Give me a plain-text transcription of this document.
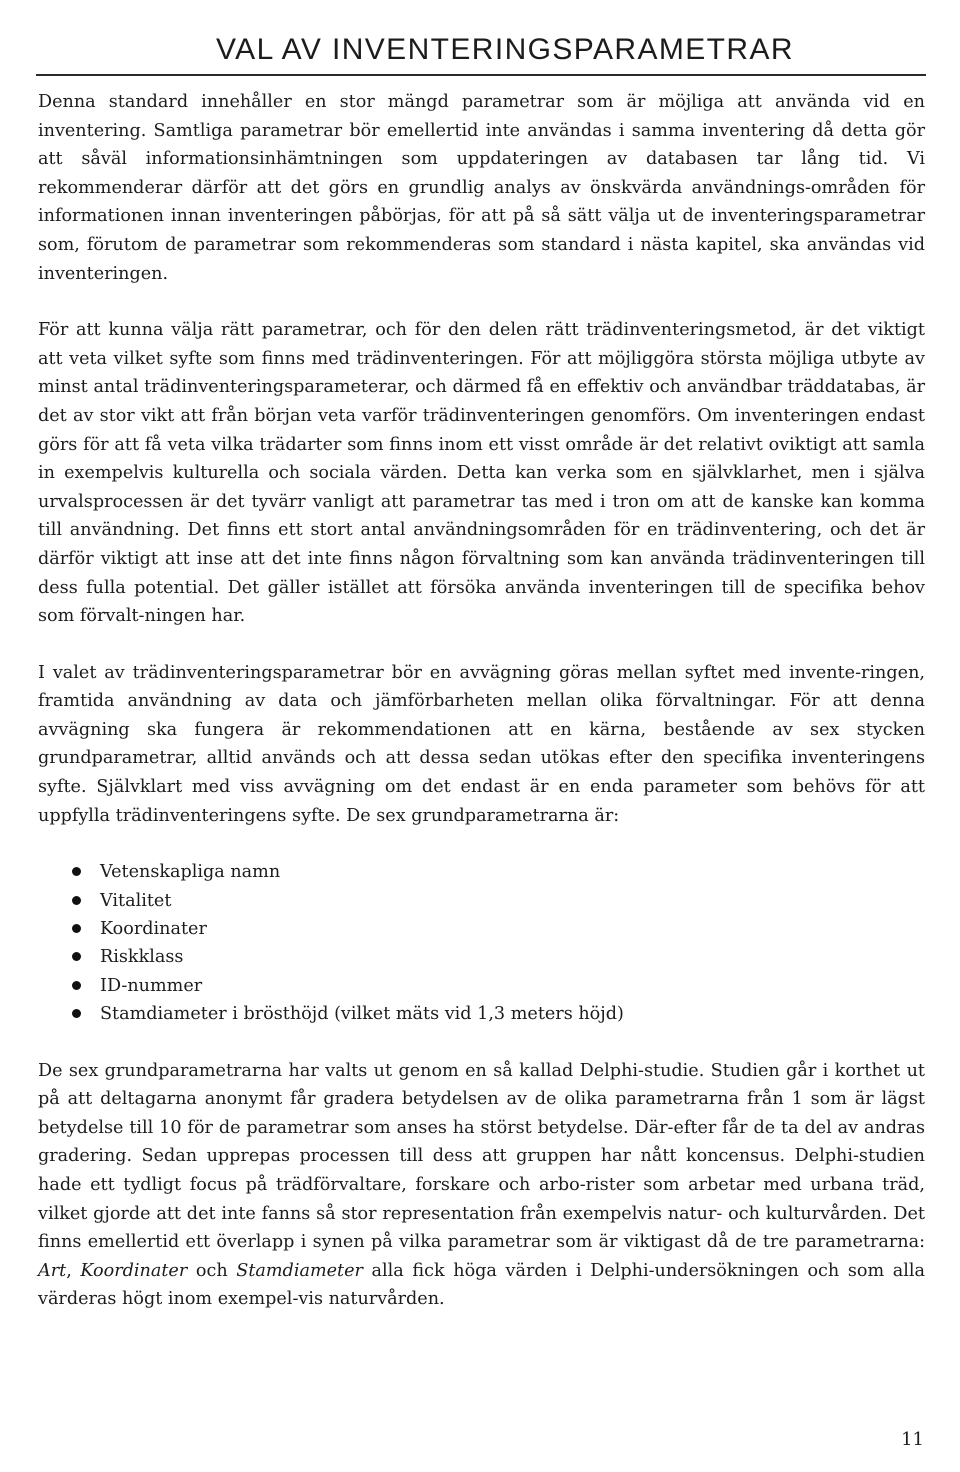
VAL AV INVENTERINGSPARAMETRAR

Denna standard innehåller en stor mängd parametrar som är möjliga att använda vid en inventering. Samtliga parametrar bör emellertid inte användas i samma inventering då detta gör att såväl informationsinhämtningen som uppdateringen av databasen tar lång tid. Vi rekommenderar därför att det görs en grundlig analys av önskvärda användnings-områden för informationen innan inventeringen påbörjas, för att på så sätt välja ut de inventeringsparametrar som, förutom de parametrar som rekommenderas som standard i nästa kapitel, ska användas vid inventeringen.

För att kunna välja rätt parametrar, och för den delen rätt trädinventeringsmetod, är det viktigt att veta vilket syfte som finns med trädinventeringen. För att möjliggöra största möjliga utbyte av minst antal trädinventeringsparameterar, och därmed få en effektiv och användbar träddatabas, är det av stor vikt att från början veta varför trädinventeringen genomförs. Om inventeringen endast görs för att få veta vilka trädarter som finns inom ett visst område är det relativt oviktigt att samla in exempelvis kulturella och sociala värden. Detta kan verka som en självklarhet, men i själva urvalsprocessen är det tyvärr vanligt att parametrar tas med i tron om att de kanske kan komma till användning. Det finns ett stort antal användningsområden för en trädinventering, och det är därför viktigt att inse att det inte finns någon förvaltning som kan använda trädinventeringen till dess fulla potential. Det gäller istället att försöka använda inventeringen till de specifika behov som förvalt-ningen har.

I valet av trädinventeringsparametrar bör en avvägning göras mellan syftet med invente-ringen, framtida användning av data och jämförbarheten mellan olika förvaltningar. För att denna avvägning ska fungera är rekommendationen att en kärna, bestående av sex stycken grundparametrar, alltid används och att dessa sedan utökas efter den specifika inventeringens syfte. Självklart med viss avvägning om det endast är en enda parameter som behövs för att uppfylla trädinventeringens syfte. De sex grundparametrarna är:

Vetenskapliga namn
Vitalitet
Koordinater
Riskklass
ID-nummer
Stamdiameter i brösthöjd (vilket mäts vid 1,3 meters höjd)

De sex grundparametrarna har valts ut genom en så kallad Delphi-studie. Studien går i korthet ut på att deltagarna anonymt får gradera betydelsen av de olika parametrarna från 1 som är lägst betydelse till 10 för de parametrar som anses ha störst betydelse. Där-efter får de ta del av andras gradering. Sedan upprepas processen till dess att gruppen har nått koncensus. Delphi-studien hade ett tydligt focus på trädförvaltare, forskare och arbo-rister som arbetar med urbana träd, vilket gjorde att det inte fanns så stor representation från exempelvis natur- och kulturvården. Det finns emellertid ett överlapp i synen på vilka parametrar som är viktigast då de tre parametrarna: Art, Koordinater och Stamdiameter alla fick höga värden i Delphi-undersökningen och som alla värderas högt inom exempel-vis naturvården.

11
